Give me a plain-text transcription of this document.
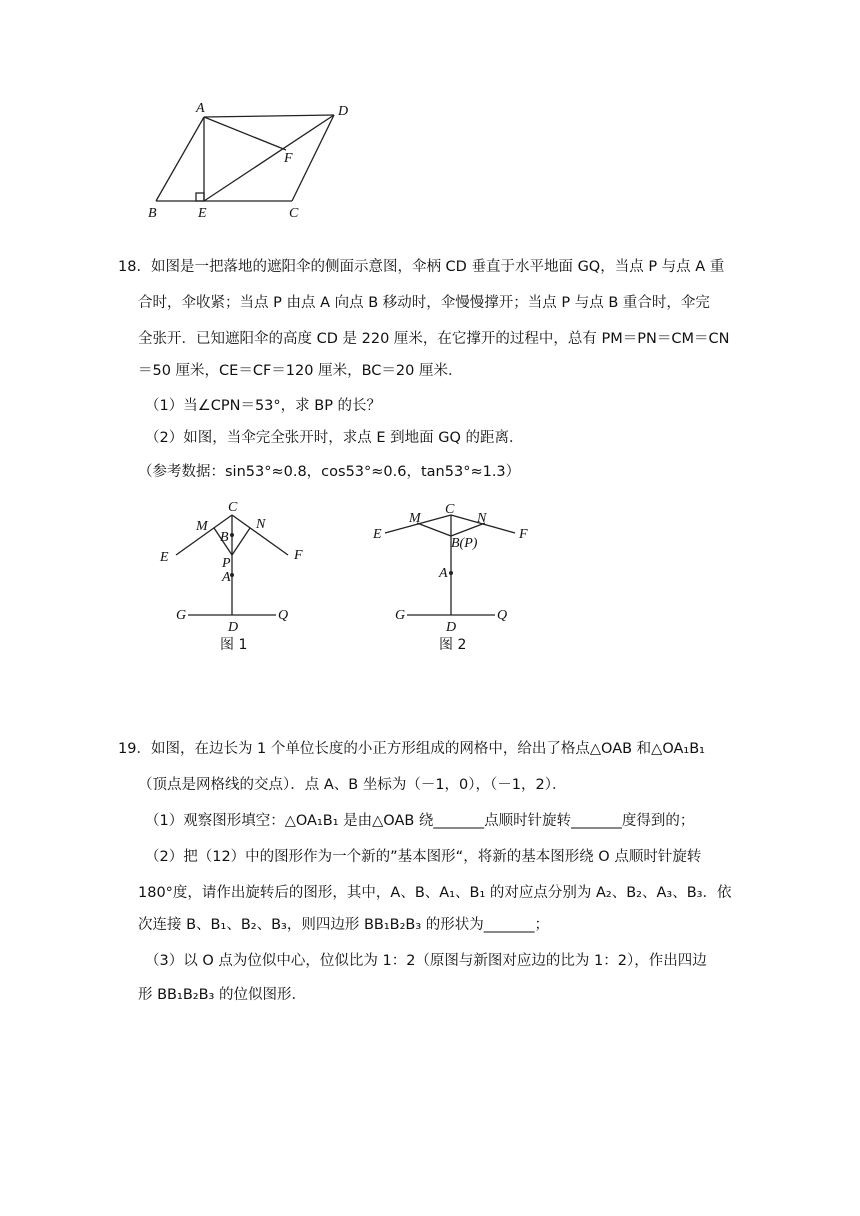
A	D
F
B	E	C
18．如图是一把落地的遮阳伞的侧面示意图，伞柄 CD 垂直于水平地面 GQ，当点 P 与点 A 重
合时，伞收紧；当点 P 由点 A 向点 B 移动时，伞慢慢撑开；当点 P 与点 B 重合时，伞完
全张开．已知遮阳伞的高度 CD 是 220 厘米，在它撑开的过程中，总有 PM＝PN＝CM＝CN
＝50 厘米，CE＝CF＝120 厘米，BC＝20 厘米．
（1）当∠CPN＝53°，求 BP 的长？
（2）如图，当伞完全张开时，求点 E 到地面 GQ 的距离．
（参考数据：sin53°≈0.8，cos53°≈0.6，tan53°≈1.3）
C
M	N
B
E	F
P
A
G	Q
D
图 1
C
M	N
B(P)
E	F
A
G	Q
D
图 2
19．如图，在边长为 1 个单位长度的小正方形组成的网格中，给出了格点△OAB 和△OA₁B₁
（顶点是网格线的交点）．点 A、B 坐标为（－1，0），（－1，2）．
（1）观察图形填空：△OA₁B₁ 是由△OAB 绕_______点顺时针旋转_______度得到的；
（2）把（12）中的图形作为一个新的”基本图形“，将新的基本图形绕 O 点顺时针旋转
180°度，请作出旋转后的图形，其中，A、B、A₁、B₁ 的对应点分别为 A₂、B₂、A₃、B₃．依
次连接 B、B₁、B₂、B₃，则四边形 BB₁B₂B₃ 的形状为_______；
（3）以 O 点为位似中心，位似比为 1：2（原图与新图对应边的比为 1：2），作出四边
形 BB₁B₂B₃ 的位似图形．
